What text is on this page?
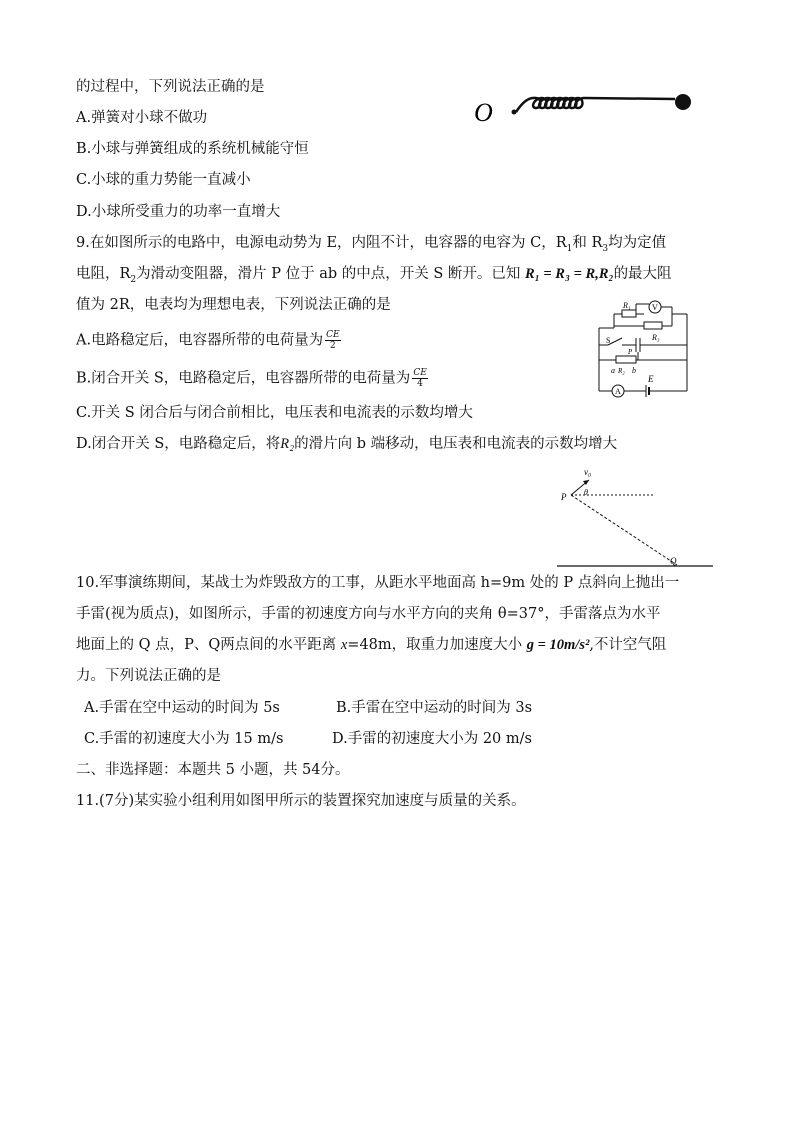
的过程中，下列说法正确的是
A.弹簧对小球不做功
B.小球与弹簧组成的系统机械能守恒
C.小球的重力势能一直减小
D.小球所受重力的功率一直增大
O
9.在如图所示的电路中，电源电动势为 E，内阻不计，电容器的电容为 C，$R_1$和 $R_3$均为定值
电阻，$R_2$为滑动变阻器，滑片 P 位于 ab 的中点，开关 S 断开。已知 R₁ = R₃ = R,R₂的最大阻
值为 2R，电表均为理想电表，下列说法正确的是
A.电路稳定后，电容器所带的电荷量为 $\frac{CE}{2}$
B.闭合开关 S，电路稳定后，电容器所带的电荷量为 $\frac{CE}{4}$
C.开关 S 闭合后与闭合前相比，电压表和电流表的示数均增大
D.闭合开关 S，电路稳定后，将R₂的滑片向 b 端移动，电压表和电流表的示数均增大
V
R₁
R₃
S
P
a R₂ b
A
E
v₀
θ
P
Q
10.军事演练期间，某战士为炸毁敌方的工事，从距水平地面高 h=9m 处的 P 点斜向上抛出一
手雷(视为质点)，如图所示，手雷的初速度方向与水平方向的夹角 θ=37°，手雷落点为水平
地面上的 Q 点，P、Q两点间的水平距离 x=48m，取重力加速度大小 g = 10m/s²,不计空气阻
力。下列说法正确的是
A.手雷在空中运动的时间为 5s	B.手雷在空中运动的时间为 3s
C.手雷的初速度大小为 15 m/s	D.手雷的初速度大小为 20 m/s
二、非选择题：本题共 5 小题，共 54分。
11.(7分)某实验小组利用如图甲所示的装置探究加速度与质量的关系。
